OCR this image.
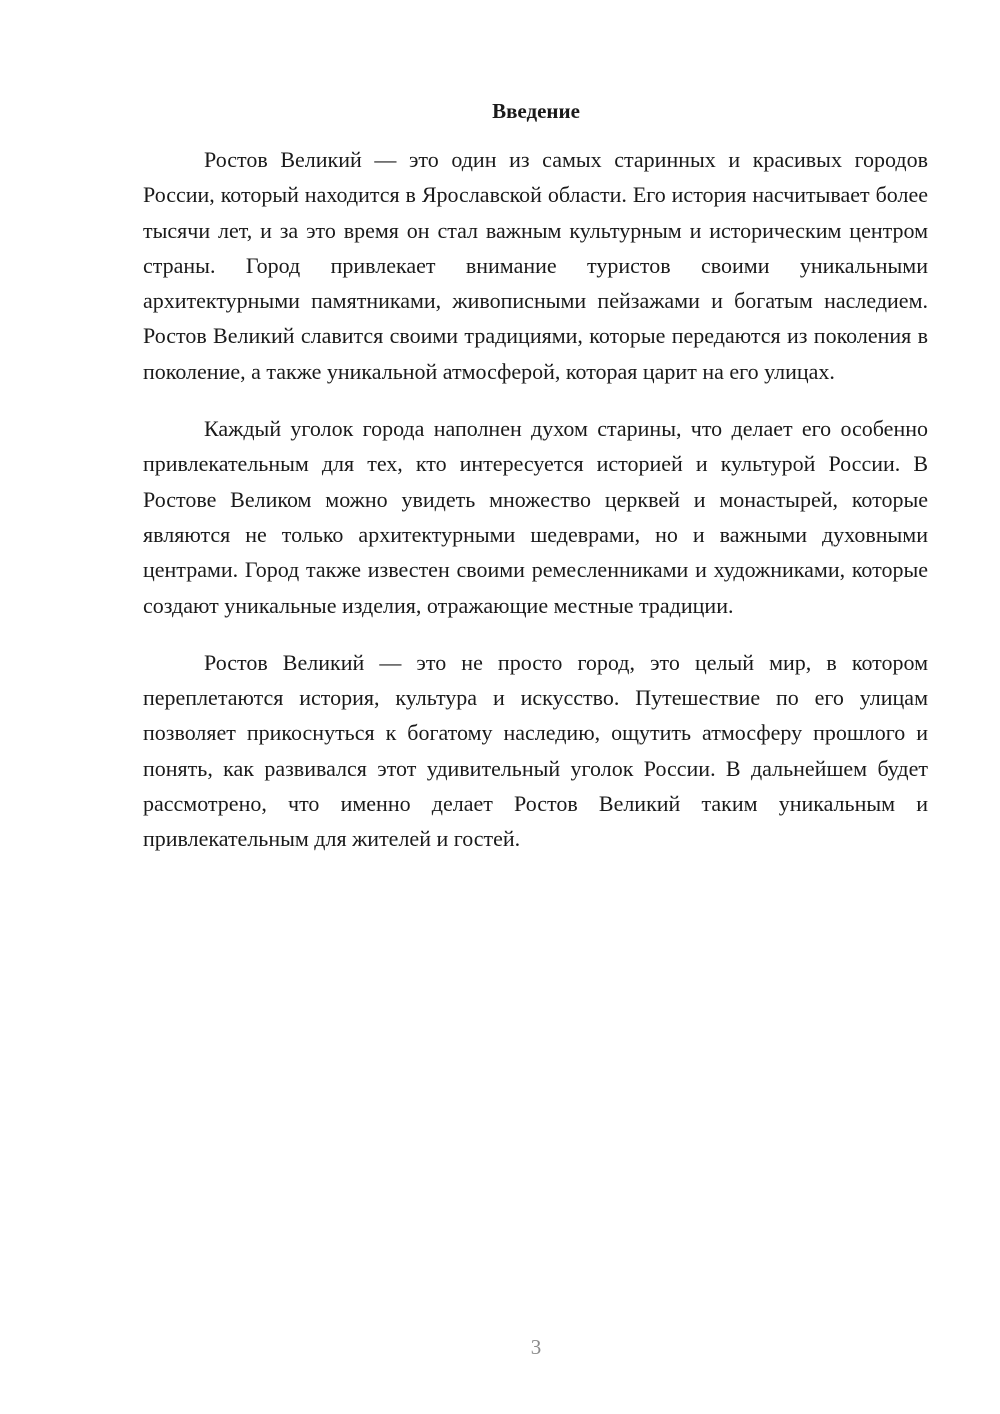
Введение

Ростов Великий — это один из самых старинных и красивых городов России, который находится в Ярославской области. Его история насчитывает более тысячи лет, и за это время он стал важным культурным и историческим центром страны. Город привлекает внимание туристов своими уникальными архитектурными памятниками, живописными пейзажами и богатым наследием. Ростов Великий славится своими традициями, которые передаются из поколения в поколение, а также уникальной атмосферой, которая царит на его улицах.

Каждый уголок города наполнен духом старины, что делает его особенно привлекательным для тех, кто интересуется историей и культурой России. В Ростове Великом можно увидеть множество церквей и монастырей, которые являются не только архитектурными шедеврами, но и важными духовными центрами. Город также известен своими ремесленниками и художниками, которые создают уникальные изделия, отражающие местные традиции.

Ростов Великий — это не просто город, это целый мир, в котором переплетаются история, культура и искусство. Путешествие по его улицам позволяет прикоснуться к богатому наследию, ощутить атмосферу прошлого и понять, как развивался этот удивительный уголок России. В дальнейшем будет рассмотрено, что именно делает Ростов Великий таким уникальным и привлекательным для жителей и гостей.

3
